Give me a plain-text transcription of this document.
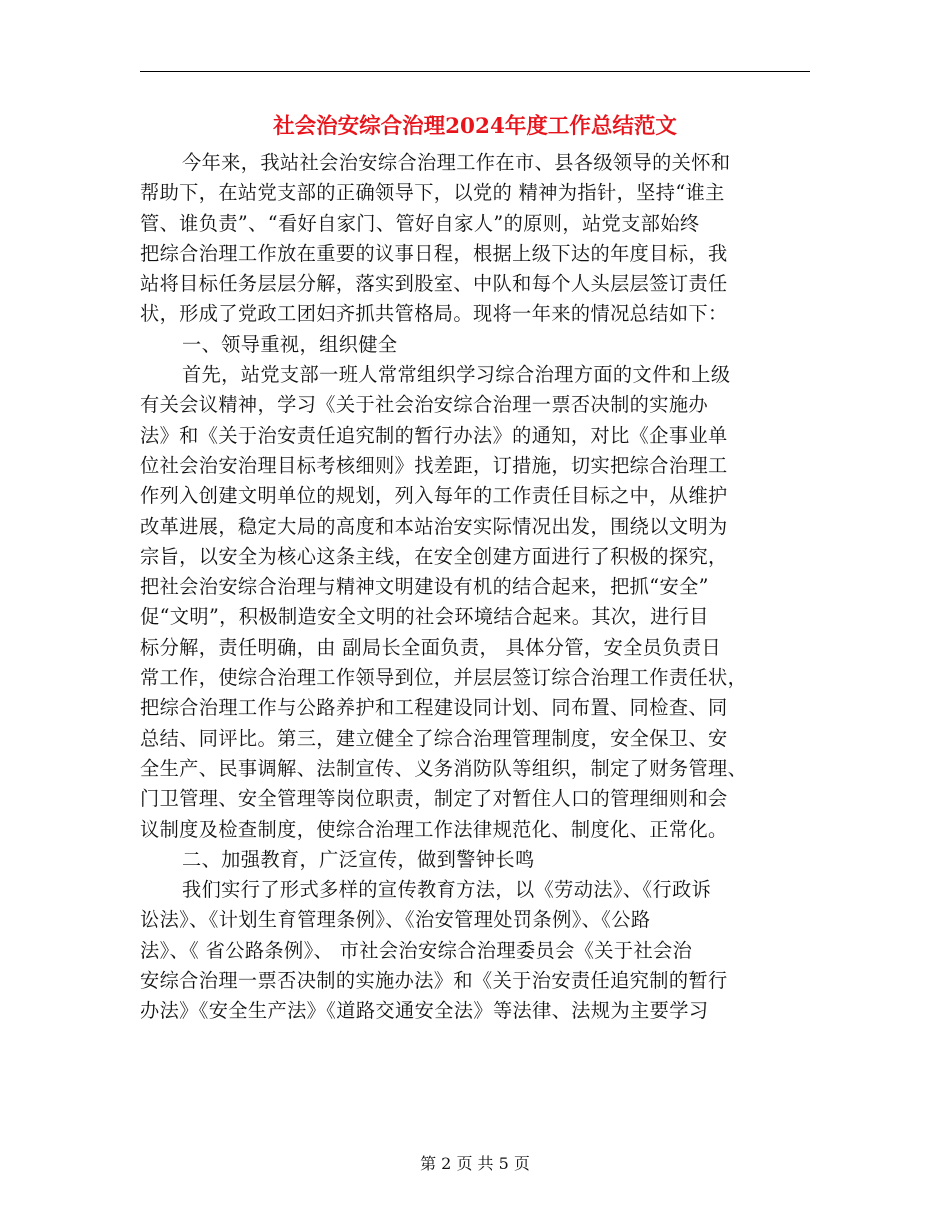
社会治安综合治理2024年度工作总结范文
今年来，我站社会治安综合治理工作在市、县各级领导的关怀和
帮助下，在站党支部的正确领导下，以党的 精神为指针，坚持“谁主
管、谁负责”、“看好自家门、管好自家人”的原则，站党支部始终
把综合治理工作放在重要的议事日程，根据上级下达的年度目标，我
站将目标任务层层分解，落实到股室、中队和每个人头层层签订责任
状，形成了党政工团妇齐抓共管格局。现将一年来的情况总结如下：
一、领导重视，组织健全
首先，站党支部一班人常常组织学习综合治理方面的文件和上级
有关会议精神，学习《关于社会治安综合治理一票否决制的实施办
法》和《关于治安责任追究制的暂行办法》的通知，对比《企事业单
位社会治安治理目标考核细则》找差距，订措施，切实把综合治理工
作列入创建文明单位的规划，列入每年的工作责任目标之中，从维护
改革进展，稳定大局的高度和本站治安实际情况出发，围绕以文明为
宗旨，以安全为核心这条主线，在安全创建方面进行了积极的探究，
把社会治安综合治理与精神文明建设有机的结合起来，把抓“安全”
促“文明”，积极制造安全文明的社会环境结合起来。其次，进行目
标分解，责任明确，由 副局长全面负责， 具体分管，安全员负责日
常工作，使综合治理工作领导到位，并层层签订综合治理工作责任状，
把综合治理工作与公路养护和工程建设同计划、同布置、同检查、同
总结、同评比。第三，建立健全了综合治理管理制度，安全保卫、安
全生产、民事调解、法制宣传、义务消防队等组织，制定了财务管理、
门卫管理、安全管理等岗位职责，制定了对暂住人口的管理细则和会
议制度及检查制度，使综合治理工作法律规范化、制度化、正常化。
二、加强教育，广泛宣传，做到警钟长鸣
我们实行了形式多样的宣传教育方法，以《劳动法》、《行政诉
讼法》、《计划生育管理条例》、《治安管理处罚条例》、《公路
法》、《 省公路条例》、 市社会治安综合治理委员会《关于社会治
安综合治理一票否决制的实施办法》和《关于治安责任追究制的暂行
办法》《安全生产法》《道路交通安全法》等法律、法规为主要学习
第 2 页 共 5 页
